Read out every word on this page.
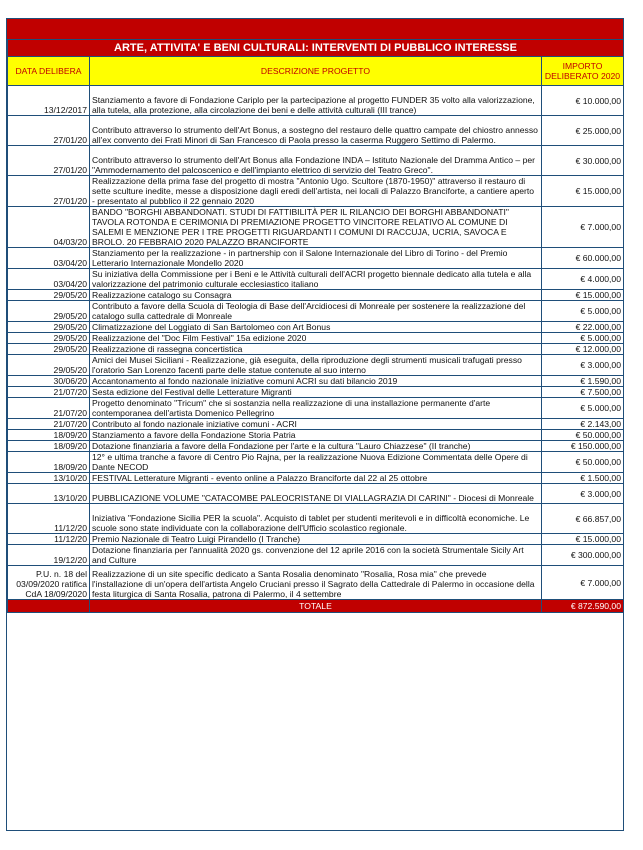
ARTE, ATTIVITA' E BENI CULTURALI: INTERVENTI DI PUBBLICO INTERESSE		
DATA DELIBERA	DESCRIZIONE PROGETTO	IMPORTO DELIBERATO 2020
13/12/2017	Stanziamento a favore di Fondazione Cariplo per la partecipazione al progetto FUNDER 35 volto alla valorizzazione, alla tutela, alla protezione, alla circolazione dei beni e delle attività culturali (III trance)	€ 10.000,00
27/01/20	Contributo attraverso lo strumento dell'Art Bonus, a sostegno del restauro delle quattro campate del chiostro annesso all'ex convento dei Frati Minori di San Francesco di Paola presso la caserma Ruggero Settimo di Palermo.	€ 25.000,00
27/01/20	Contributo attraverso lo strumento dell'Art Bonus alla Fondazione INDA – Istituto Nazionale del Dramma Antico – per "Ammodernamento del palcoscenico e dell'impianto elettrico di servizio del Teatro Greco".	€ 30.000,00
27/01/20	Realizzazione della prima fase del progetto di mostra "Antonio Ugo. Scultore (1870-1950)" attraverso il restauro di sette sculture inedite, messe a disposizione dagli eredi dell'artista, nei locali di Palazzo Branciforte, a cantiere aperto - presentato al pubblico il 22 gennaio 2020	€ 15.000,00
04/03/20	BANDO "BORGHI ABBANDONATI. STUDI DI FATTIBILITÀ PER IL RILANCIO DEI BORGHI ABBANDONATI" TAVOLA ROTONDA E CERIMONIA DI PREMIAZIONE PROGETTO VINCITORE RELATIVO AL COMUNE DI SALEMI E MENZIONE PER I TRE PROGETTI RIGUARDANTI I COMUNI DI RACCUJA, UCRIA, SAVOCA E BROLO. 20 FEBBRAIO 2020 PALAZZO BRANCIFORTE	€ 7.000,00
03/04/20	Stanziamento per la realizzazione - in partnership con il Salone Internazionale del Libro di Torino - del Premio Letterario Internazionale Mondello 2020	€ 60.000,00
03/04/20	Su iniziativa della Commissione per i Beni e le Attività culturali dell'ACRI progetto biennale dedicato alla tutela e alla valorizzazione del patrimonio culturale ecclesiastico italiano	€ 4.000,00
29/05/20	Realizzazione catalogo su Consagra	€ 15.000,00
29/05/20	Contributo a favore della Scuola di Teologia di Base dell'Arcidiocesi di Monreale per sostenere la realizzazione del catalogo sulla cattedrale di Monreale	€ 5.000,00
29/05/20	Climatizzazione del Loggiato di San Bartolomeo con Art Bonus	€ 22.000,00
29/05/20	Realizzazione del "Doc Film Festival" 15a edizione 2020	€ 5.000,00
29/05/20	Realizzazione di rassegna concertistica	€ 12.000,00
29/05/20	Amici dei Musei Siciliani - Realizzazione, già eseguita, della riproduzione degli strumenti musicali trafugati presso l'oratorio San Lorenzo facenti parte delle statue contenute al suo interno	€ 3.000,00
30/06/20	Accantonamento al fondo nazionale iniziative comuni ACRI su dati bilancio 2019	€ 1.590,00
21/07/20	Sesta edizione del Festival delle Letterature Migranti	€ 7.500,00
21/07/20	Progetto denominato "Tricum" che si sostanzia nella realizzazione di una installazione permanente d'arte contemporanea dell'artista Domenico Pellegrino	€ 5.000,00
21/07/20	Contributo al fondo nazionale iniziative comuni - ACRI	€ 2.143,00
18/09/20	Stanziamento a favore della Fondazione Storia Patria	€ 50.000,00
18/09/20	Dotazione finanziaria a favore della Fondazione per l'arte e la cultura "Lauro Chiazzese" (II tranche)	€ 150.000,00
18/09/20	12° e ultima tranche a favore di Centro Pio Rajna, per la realizzazione Nuova Edizione Commentata delle Opere di Dante NECOD	€ 50.000,00
13/10/20	FESTIVAL Letterature Migranti - evento online a Palazzo Branciforte dal 22 al 25 ottobre	€ 1.500,00
13/10/20	PUBBLICAZIONE VOLUME "CATACOMBE PALEOCRISTANE DI VIALLAGRAZIA DI CARINI" - Diocesi di Monreale	€ 3.000,00
11/12/20	Iniziativa "Fondazione Sicilia PER la scuola". Acquisto di tablet per studenti meritevoli e in difficoltà economiche. Le scuole sono state individuate con la collaborazione dell'Ufficio scolastico regionale.	€ 66.857,00
11/12/20	Premio Nazionale di Teatro Luigi Pirandello (I Tranche)	€ 15.000,00
19/12/20	Dotazione finanziaria per l'annualità 2020 gs. convenzione del 12 aprile 2016 con la società Strumentale Sicily Art and Culture	€ 300.000,00
P.U. n. 18 del 03/09/2020 ratifica CdA 18/09/2020	Realizzazione di un site specific dedicato a Santa Rosalia denominato "Rosalia, Rosa mia" che prevede l'installazione di un'opera dell'artista Angelo Cruciani presso il Sagrato della Cattedrale di Palermo in occasione della festa liturgica di Santa Rosalia, patrona di Palermo, il 4 settembre	€ 7.000,00
	TOTALE	€ 872.590,00
